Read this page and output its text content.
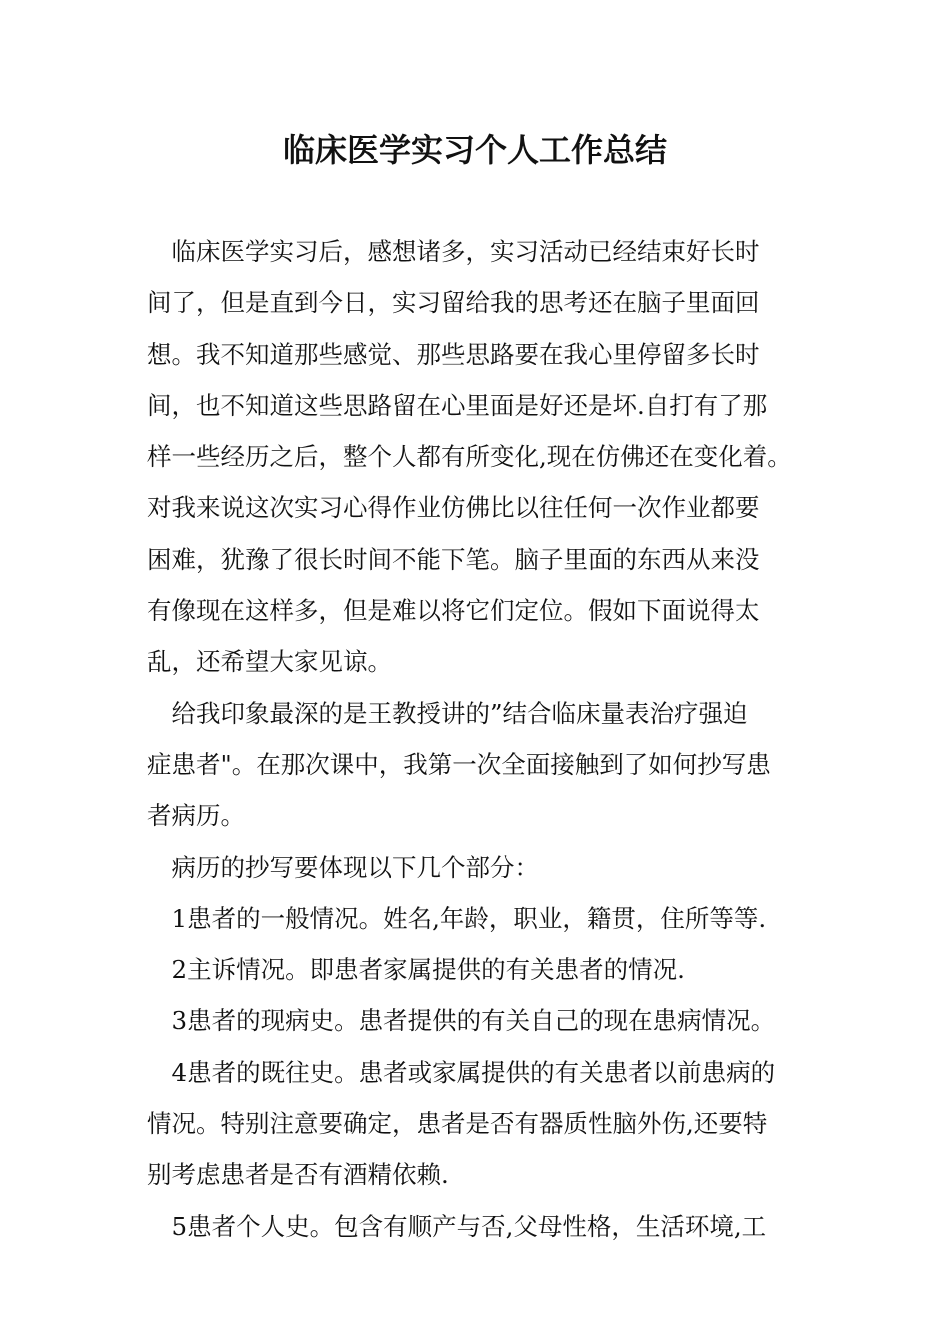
临床医学实习个人工作总结
　临床医学实习后，感想诸多，实习活动已经结束好长时
间了，但是直到今日，实习留给我的思考还在脑子里面回
想。我不知道那些感觉、那些思路要在我心里停留多长时
间，也不知道这些思路留在心里面是好还是坏.自打有了那
样一些经历之后，整个人都有所变化,现在仿佛还在变化着。
对我来说这次实习心得作业仿佛比以往任何一次作业都要
困难，犹豫了很长时间不能下笔。脑子里面的东西从来没
有像现在这样多，但是难以将它们定位。假如下面说得太
乱，还希望大家见谅。
　给我印象最深的是王教授讲的”结合临床量表治疗强迫
症患者"。在那次课中，我第一次全面接触到了如何抄写患
者病历。
　病历的抄写要体现以下几个部分：
　1患者的一般情况。姓名,年龄，职业，籍贯，住所等等.
　2主诉情况。即患者家属提供的有关患者的情况.
　3患者的现病史。患者提供的有关自己的现在患病情况。
　4患者的既往史。患者或家属提供的有关患者以前患病的
情况。特别注意要确定，患者是否有器质性脑外伤,还要特
别考虑患者是否有酒精依赖.
　5患者个人史。包含有顺产与否,父母性格，生活环境,工
